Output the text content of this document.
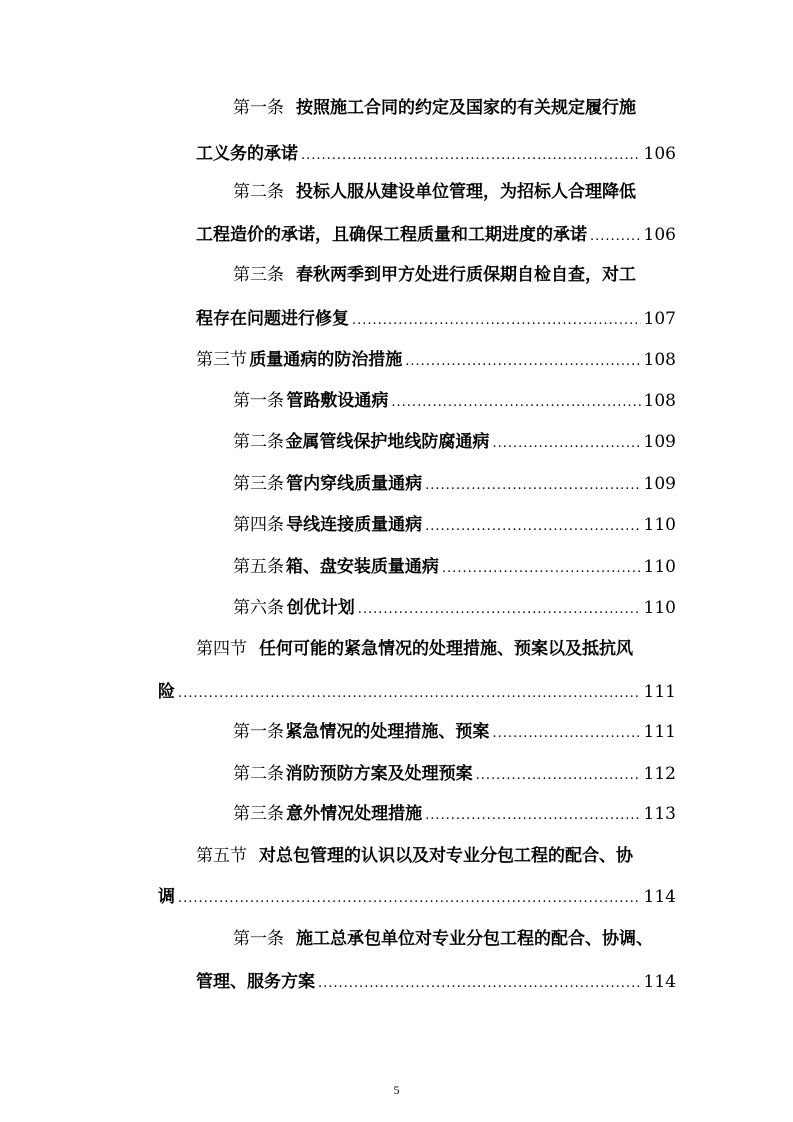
第一条 按照施工合同的约定及国家的有关规定履行施
工义务的承诺 .....	106
第二条 投标人服从建设单位管理，为招标人合理降低
工程造价的承诺，且确保工程质量和工期进度的承诺 .....	106
第三条 春秋两季到甲方处进行质保期自检自查，对工
程存在问题进行修复 .....	107
第三节 质量通病的防治措施 .....	108
第一条 管路敷设通病 .....	108
第二条 金属管线保护地线防腐通病 .....	109
第三条 管内穿线质量通病 .....	109
第四条 导线连接质量通病 .....	110
第五条 箱、盘安装质量通病 .....	110
第六条 创优计划 .....	110
第四节 任何可能的紧急情况的处理措施、预案以及抵抗风
险 .....	111
第一条 紧急情况的处理措施、预案 .....	111
第二条 消防预防方案及处理预案 .....	112
第三条 意外情况处理措施 .....	113
第五节 对总包管理的认识以及对专业分包工程的配合、协
调 .....	114
第一条 施工总承包单位对专业分包工程的配合、协调、
管理、服务方案 .....	114
5
